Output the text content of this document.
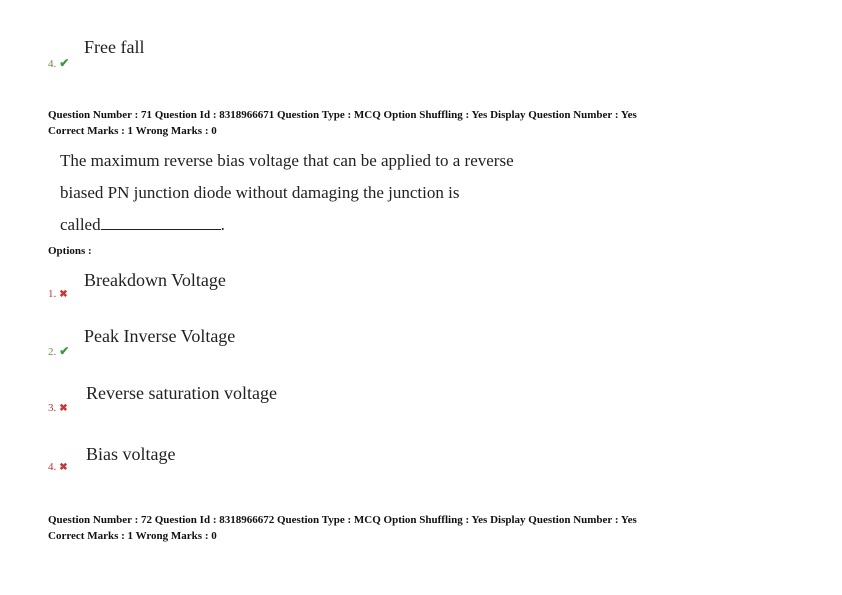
Free fall
4. ✔
Question Number : 71 Question Id : 8318966671 Question Type : MCQ Option Shuffling : Yes Display Question Number : Yes
Correct Marks : 1 Wrong Marks : 0
The maximum reverse bias voltage that can be applied to a reverse
biased PN junction diode without damaging the junction is
called	.
Options :
Breakdown Voltage
1. ✖
Peak Inverse Voltage
2. ✔
Reverse saturation voltage
3. ✖
Bias voltage
4. ✖
Question Number : 72 Question Id : 8318966672 Question Type : MCQ Option Shuffling : Yes Display Question Number : Yes
Correct Marks : 1 Wrong Marks : 0
